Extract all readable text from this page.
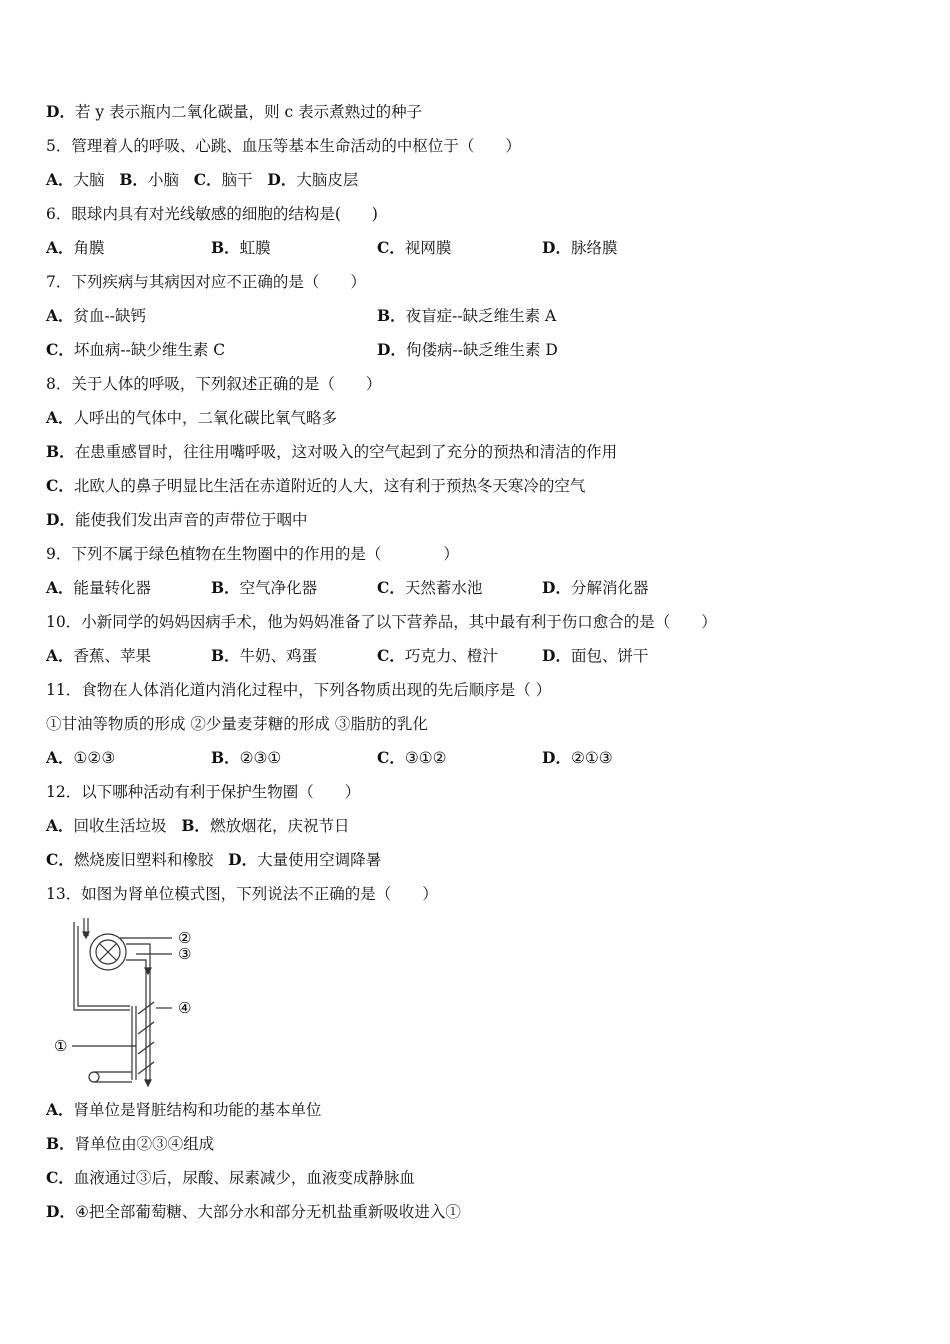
D．若 y 表示瓶内二氧化碳量，则 c 表示煮熟过的种子
5．管理着人的呼吸、心跳、血压等基本生命活动的中枢位于（　　）
A．大脑 B．小脑 C．脑干 D．大脑皮层
6．眼球内具有对光线敏感的细胞的结构是(　　)
A．角膜	B．虹膜	C．视网膜	D．脉络膜
7．下列疾病与其病因对应不正确的是（　　）
A．贫血--缺钙	B．夜盲症--缺乏维生素 A
C．坏血病--缺少维生素 C	D．佝偻病--缺乏维生素 D
8．关于人体的呼吸，下列叙述正确的是（　　）
A．人呼出的气体中，二氧化碳比氧气略多
B．在患重感冒时，往往用嘴呼吸，这对吸入的空气起到了充分的预热和清洁的作用
C．北欧人的鼻子明显比生活在赤道附近的人大，这有利于预热冬天寒冷的空气
D．能使我们发出声音的声带位于咽中
9．下列不属于绿色植物在生物圈中的作用的是（　　　　）
A．能量转化器	B．空气净化器	C．天然蓄水池	D．分解消化器
10．小新同学的妈妈因病手术，他为妈妈准备了以下营养品，其中最有利于伤口愈合的是（　　）
A．香蕉、苹果	B．牛奶、鸡蛋	C．巧克力、橙汁	D．面包、饼干
11．食物在人体消化道内消化过程中，下列各物质出现的先后顺序是（ ）
①甘油等物质的形成 ②少量麦芽糖的形成 ③脂肪的乳化
A．①②③	B．②③①	C．③①②	D．②①③
12．以下哪种活动有利于保护生物圈（　　）
A．回收生活垃圾 B．燃放烟花，庆祝节日
C．燃烧废旧塑料和橡胶 D．大量使用空调降暑
13．如图为肾单位模式图，下列说法不正确的是（　　）
②
③
④
①
A．肾单位是肾脏结构和功能的基本单位
B．肾单位由②③④组成
C．血液通过③后，尿酸、尿素减少，血液变成静脉血
D．④把全部葡萄糖、大部分水和部分无机盐重新吸收进入①
